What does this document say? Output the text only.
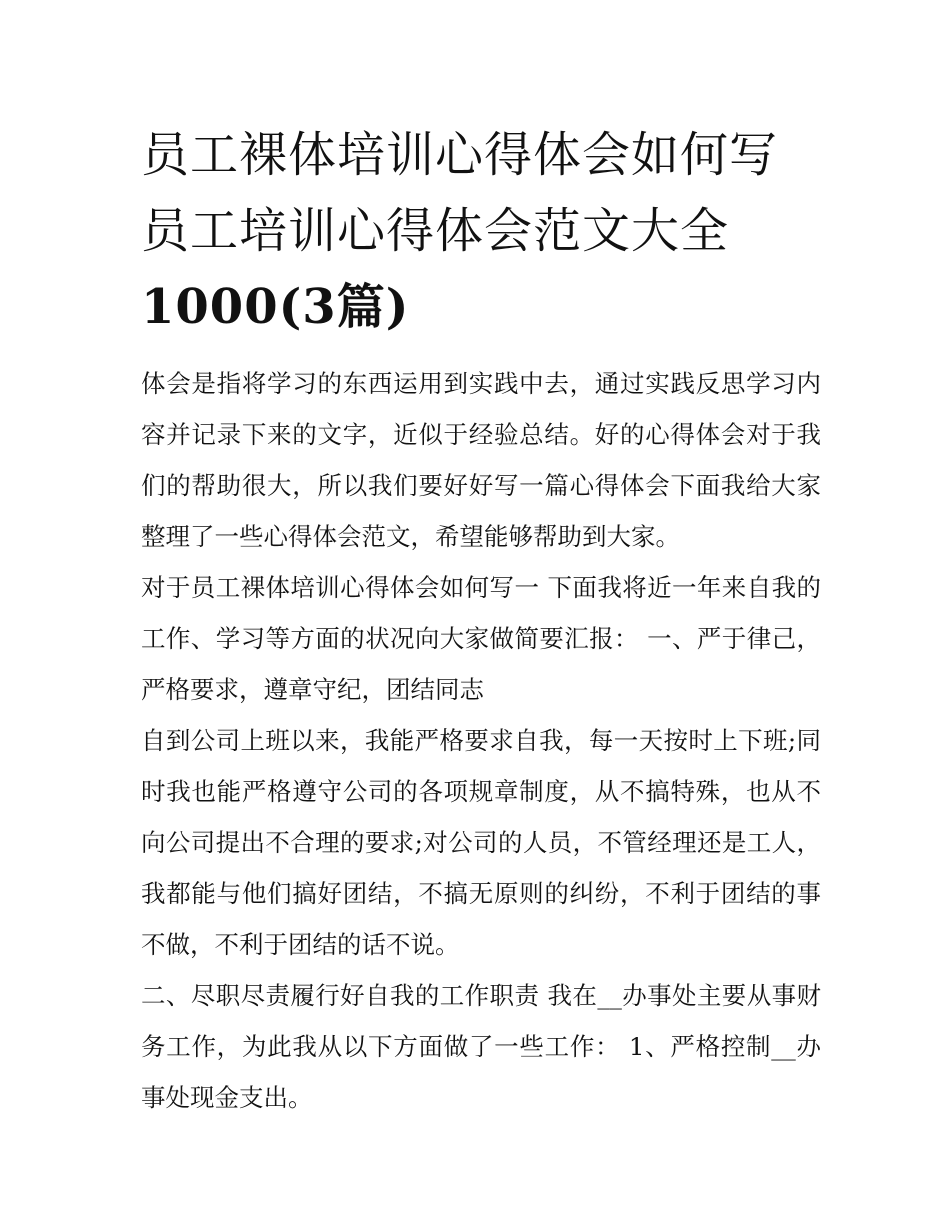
员工裸体培训心得体会如何写
员工培训心得体会范文大全
1000(3篇)

体会是指将学习的东西运用到实践中去，通过实践反思学习内容并记录下来的文字，近似于经验总结。好的心得体会对于我们的帮助很大，所以我们要好好写一篇心得体会下面我给大家整理了一些心得体会范文，希望能够帮助到大家。

对于员工裸体培训心得体会如何写一 下面我将近一年来自我的工作、学习等方面的状况向大家做简要汇报： 一、严于律己，严格要求，遵章守纪，团结同志

自到公司上班以来，我能严格要求自我，每一天按时上下班;同时我也能严格遵守公司的各项规章制度，从不搞特殊，也从不向公司提出不合理的要求;对公司的人员，不管经理还是工人，我都能与他们搞好团结，不搞无原则的纠纷，不利于团结的事不做，不利于团结的话不说。

二、尽职尽责履行好自我的工作职责 我在__办事处主要从事财务工作，为此我从以下方面做了一些工作： 1、严格控制__办事处现金支出。
